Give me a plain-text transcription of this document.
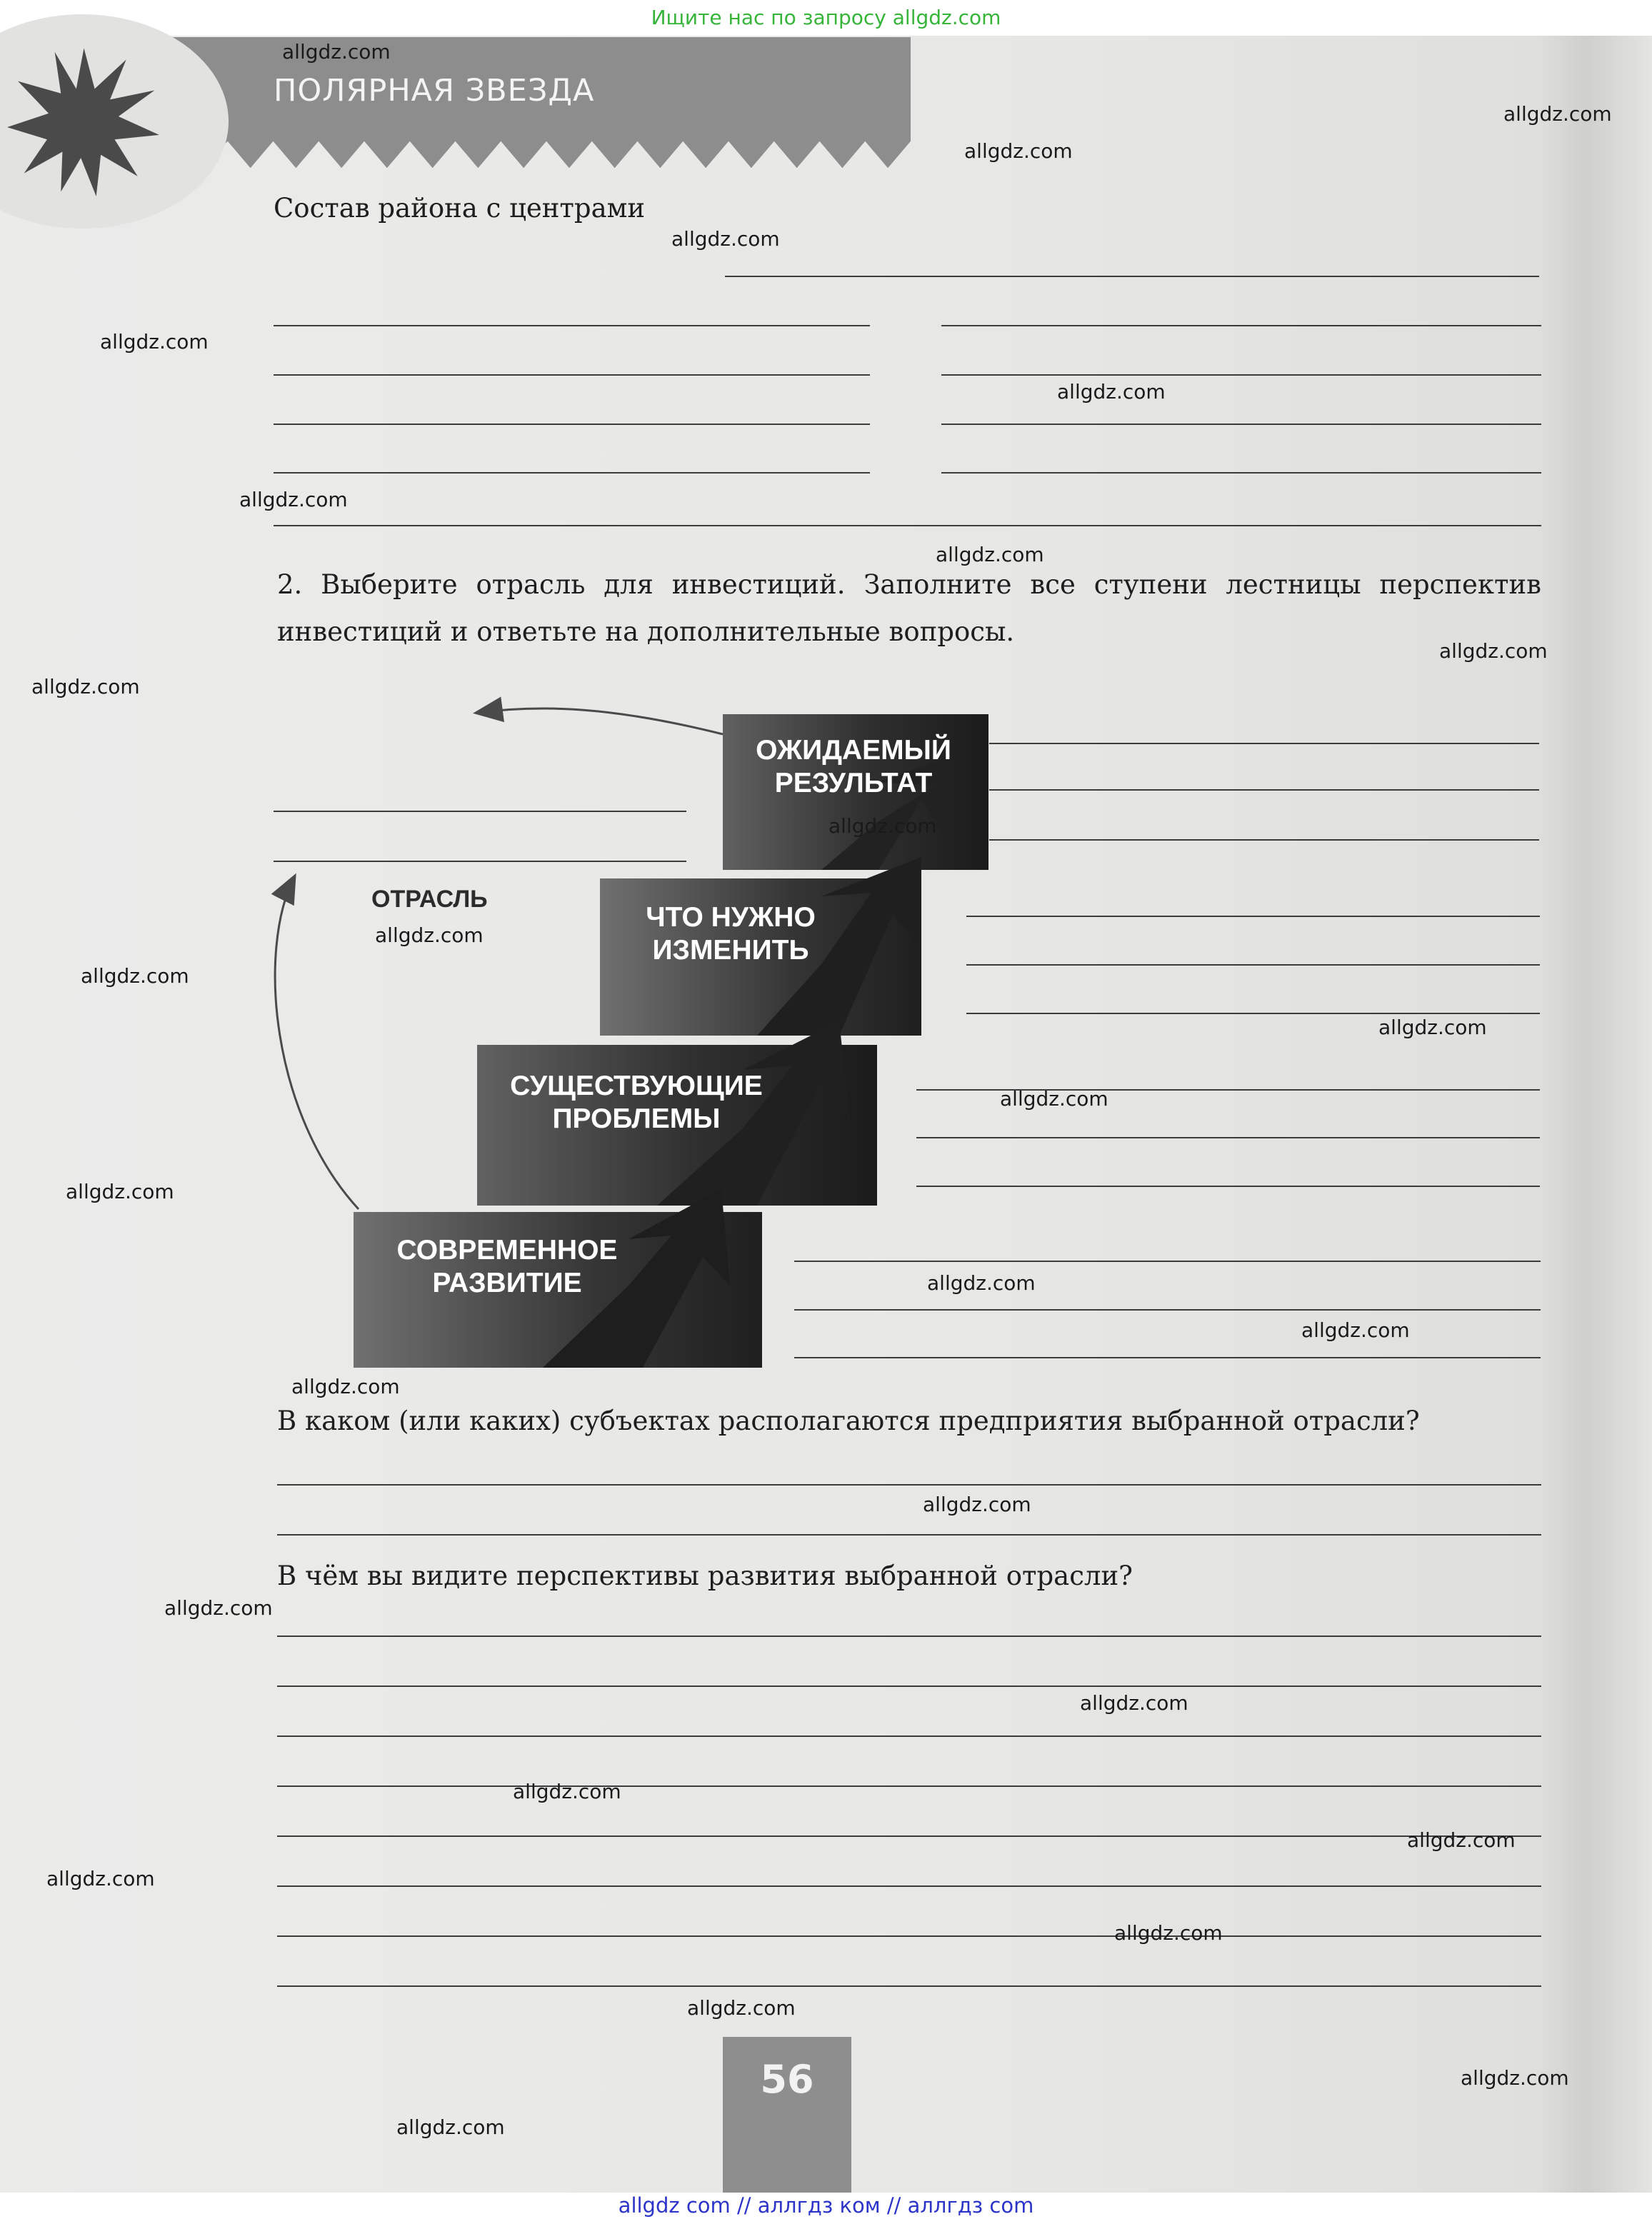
Ищите нас по запросу allgdz.com
ПОЛЯРНАЯ ЗВЕЗДА
Состав района с центрами
2. Выберите отрасль для инвестиций. Заполните все ступени лестницы перспектив инвестиций и ответьте на дополнительные вопросы.
ОЖИДАЕМЫЙ
РЕЗУЛЬТАТ
ЧТО НУЖНО
ИЗМЕНИТЬ
СУЩЕСТВУЮЩИЕ
ПРОБЛЕМЫ
СОВРЕМЕННОЕ
РАЗВИТИЕ
ОТРАСЛЬ
В каком (или каких) субъектах располагаются предприятия выбранной отрасли?
В чём вы видите перспективы развития выбранной отрасли?
56
allgdz.com
allgdz.com
allgdz.com
allgdz.com
allgdz.com
allgdz.com
allgdz.com
allgdz.com
allgdz.com
allgdz.com
allgdz.com
allgdz.com
allgdz.com
allgdz.com
allgdz.com
allgdz.com
allgdz.com
allgdz.com
allgdz.com
allgdz.com
allgdz.com
allgdz.com
allgdz.com
allgdz.com
allgdz.com
allgdz.com
allgdz.com
allgdz.com
allgdz.com
allgdz com // аллгдз ком // аллгдз com
